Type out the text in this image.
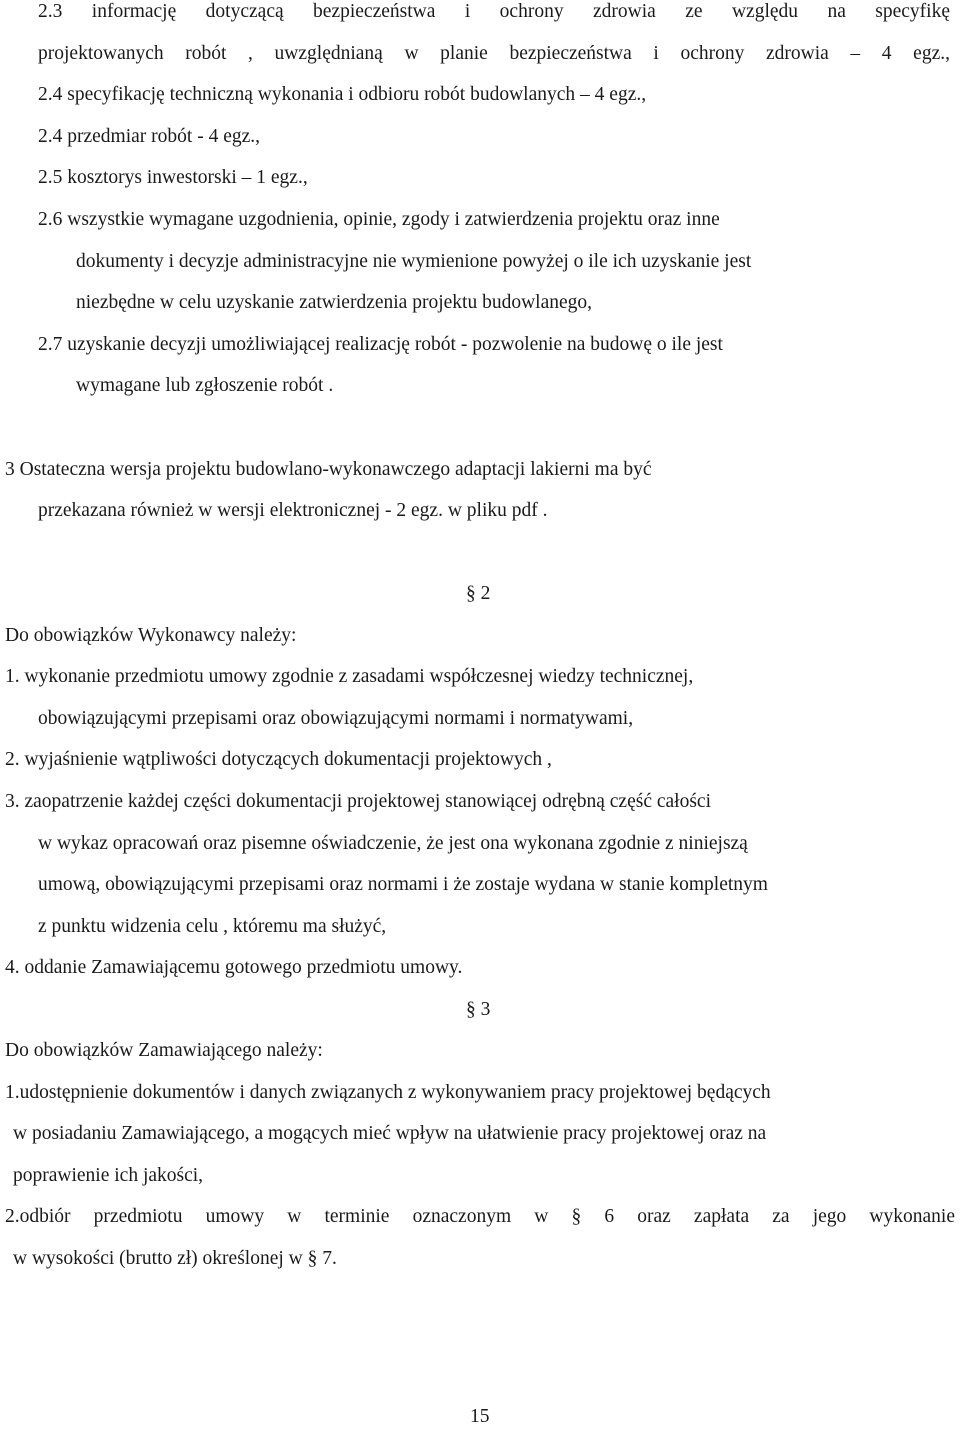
2.3 informację dotyczącą bezpieczeństwa i ochrony zdrowia ze względu na specyfikę
projektowanych robót , uwzględnianą w planie bezpieczeństwa i ochrony zdrowia – 4 egz.,
2.4 specyfikację techniczną wykonania i odbioru robót budowlanych – 4 egz.,
2.4 przedmiar robót - 4 egz.,
2.5 kosztorys inwestorski – 1 egz.,
2.6 wszystkie wymagane uzgodnienia, opinie, zgody i zatwierdzenia projektu oraz inne
dokumenty i decyzje administracyjne nie wymienione powyżej o ile ich uzyskanie jest
niezbędne w celu uzyskanie zatwierdzenia projektu budowlanego,
2.7 uzyskanie decyzji umożliwiającej realizację robót - pozwolenie na budowę o ile jest
wymagane lub zgłoszenie robót .
3 Ostateczna wersja projektu budowlano-wykonawczego adaptacji lakierni ma być
przekazana również w wersji elektronicznej - 2 egz. w pliku pdf .
§ 2
Do obowiązków Wykonawcy należy:
1. wykonanie przedmiotu umowy zgodnie z zasadami współczesnej wiedzy technicznej,
obowiązującymi przepisami oraz obowiązującymi normami i normatywami,
2. wyjaśnienie wątpliwości dotyczących dokumentacji projektowych ,
3. zaopatrzenie każdej części dokumentacji projektowej stanowiącej odrębną część całości
w wykaz opracowań oraz pisemne oświadczenie, że jest ona wykonana zgodnie z niniejszą
umową, obowiązującymi przepisami oraz normami i że zostaje wydana w stanie kompletnym
z punktu widzenia celu , któremu ma służyć,
4. oddanie Zamawiającemu gotowego przedmiotu umowy.
§ 3
Do obowiązków Zamawiającego należy:
1.udostępnienie dokumentów i danych związanych z wykonywaniem pracy projektowej będących
w posiadaniu Zamawiającego, a mogących mieć wpływ na ułatwienie pracy projektowej oraz na
poprawienie ich jakości,
2.odbiór przedmiotu umowy w terminie oznaczonym w § 6 oraz zapłata za jego wykonanie
w wysokości (brutto zł) określonej w § 7.
15
